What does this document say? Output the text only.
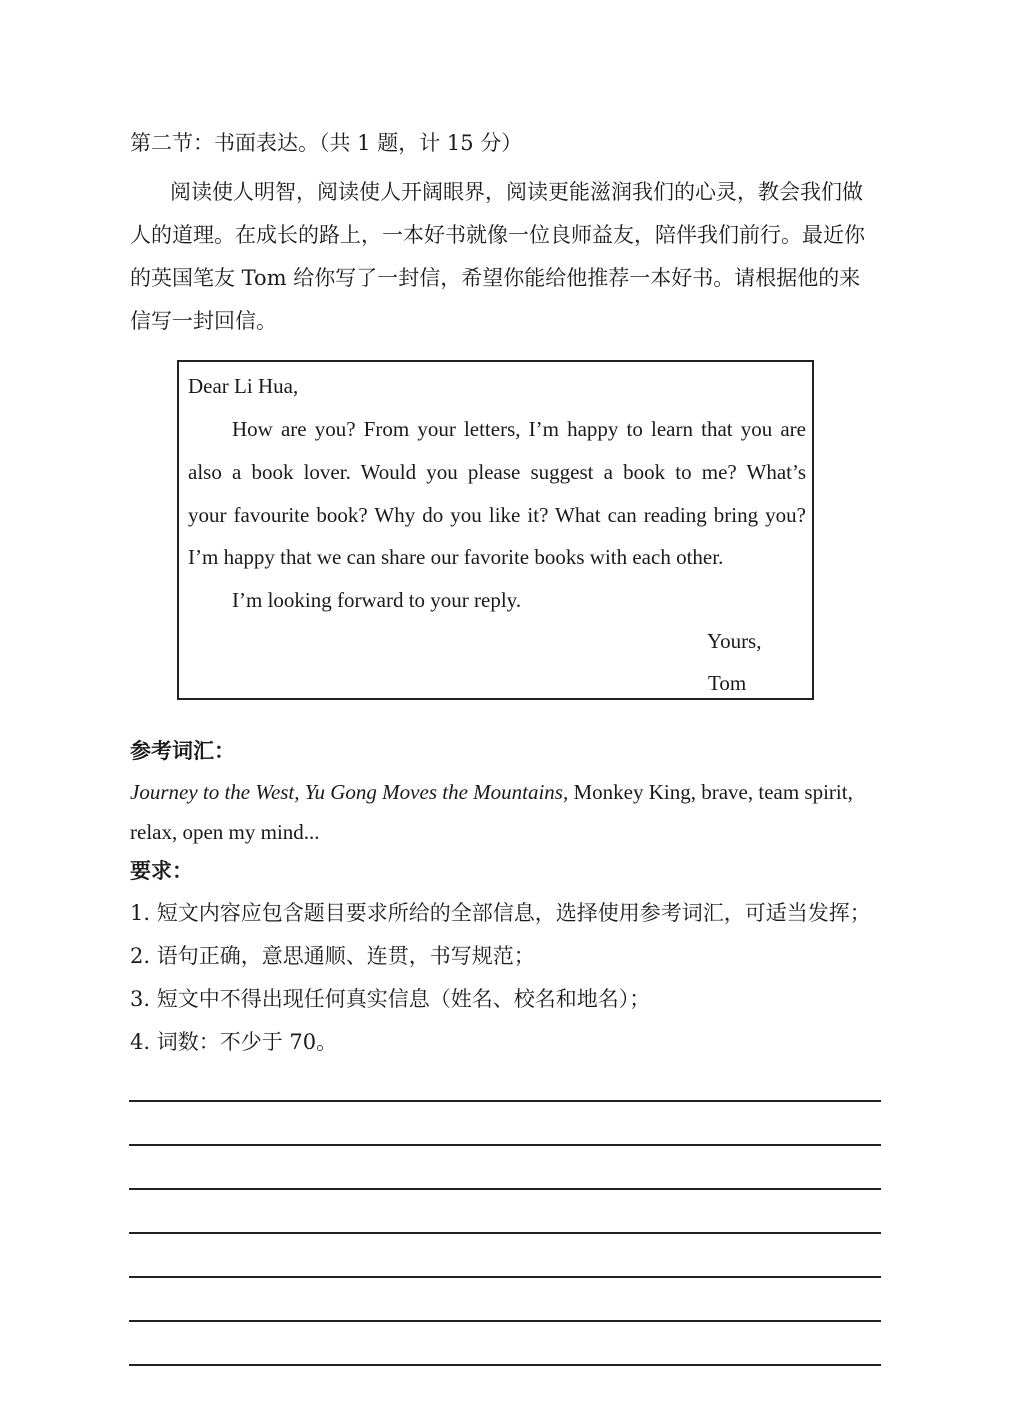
第二节：书面表达。（共 1 题，计 15 分）
阅读使人明智，阅读使人开阔眼界，阅读更能滋润我们的心灵，教会我们做
人的道理。在成长的路上，一本好书就像一位良师益友，陪伴我们前行。最近你
的英国笔友 Tom 给你写了一封信，希望你能给他推荐一本好书。请根据他的来
信写一封回信。
Dear Li Hua,
How are you? From your letters, I’m happy to learn that you are
also a book lover. Would you please suggest a book to me? What’s
your favourite book? Why do you like it? What can reading bring you?
I’m happy that we can share our favorite books with each other.
I’m looking forward to your reply.
Yours,
Tom
参考词汇：
Journey to the West, Yu Gong Moves the Mountains, Monkey King, brave, team spirit,
relax, open my mind...
要求：
1. 短文内容应包含题目要求所给的全部信息，选择使用参考词汇，可适当发挥；
2. 语句正确，意思通顺、连贯，书写规范；
3. 短文中不得出现任何真实信息（姓名、校名和地名）；
4. 词数：不少于 70。
